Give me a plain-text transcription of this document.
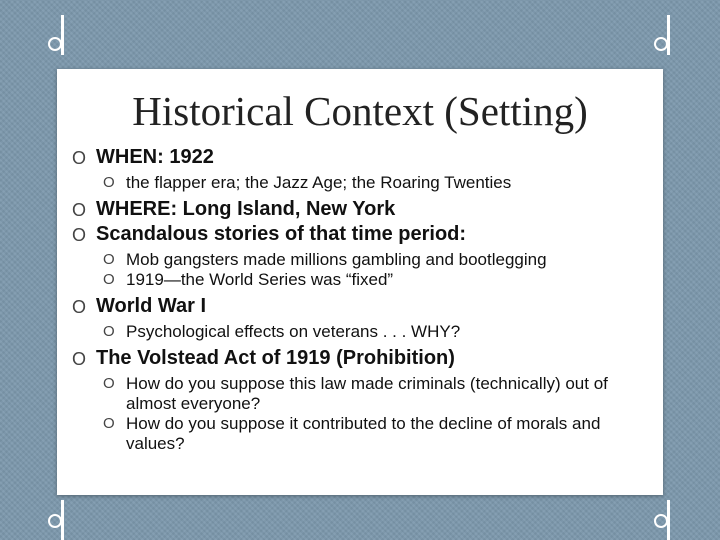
Historical Context (Setting)

O WHEN: 1922

O the flapper era; the Jazz Age; the Roaring Twenties

O WHERE: Long Island, New York

O Scandalous stories of that time period:

O Mob gangsters made millions gambling and bootlegging

O 1919—the World Series was “fixed”

O World War I

O Psychological effects on veterans . . . WHY?

O The Volstead Act of 1919 (Prohibition)

O How do you suppose this law made criminals (technically) out of almost everyone?

O How do you suppose it contributed to the decline of morals and values?
